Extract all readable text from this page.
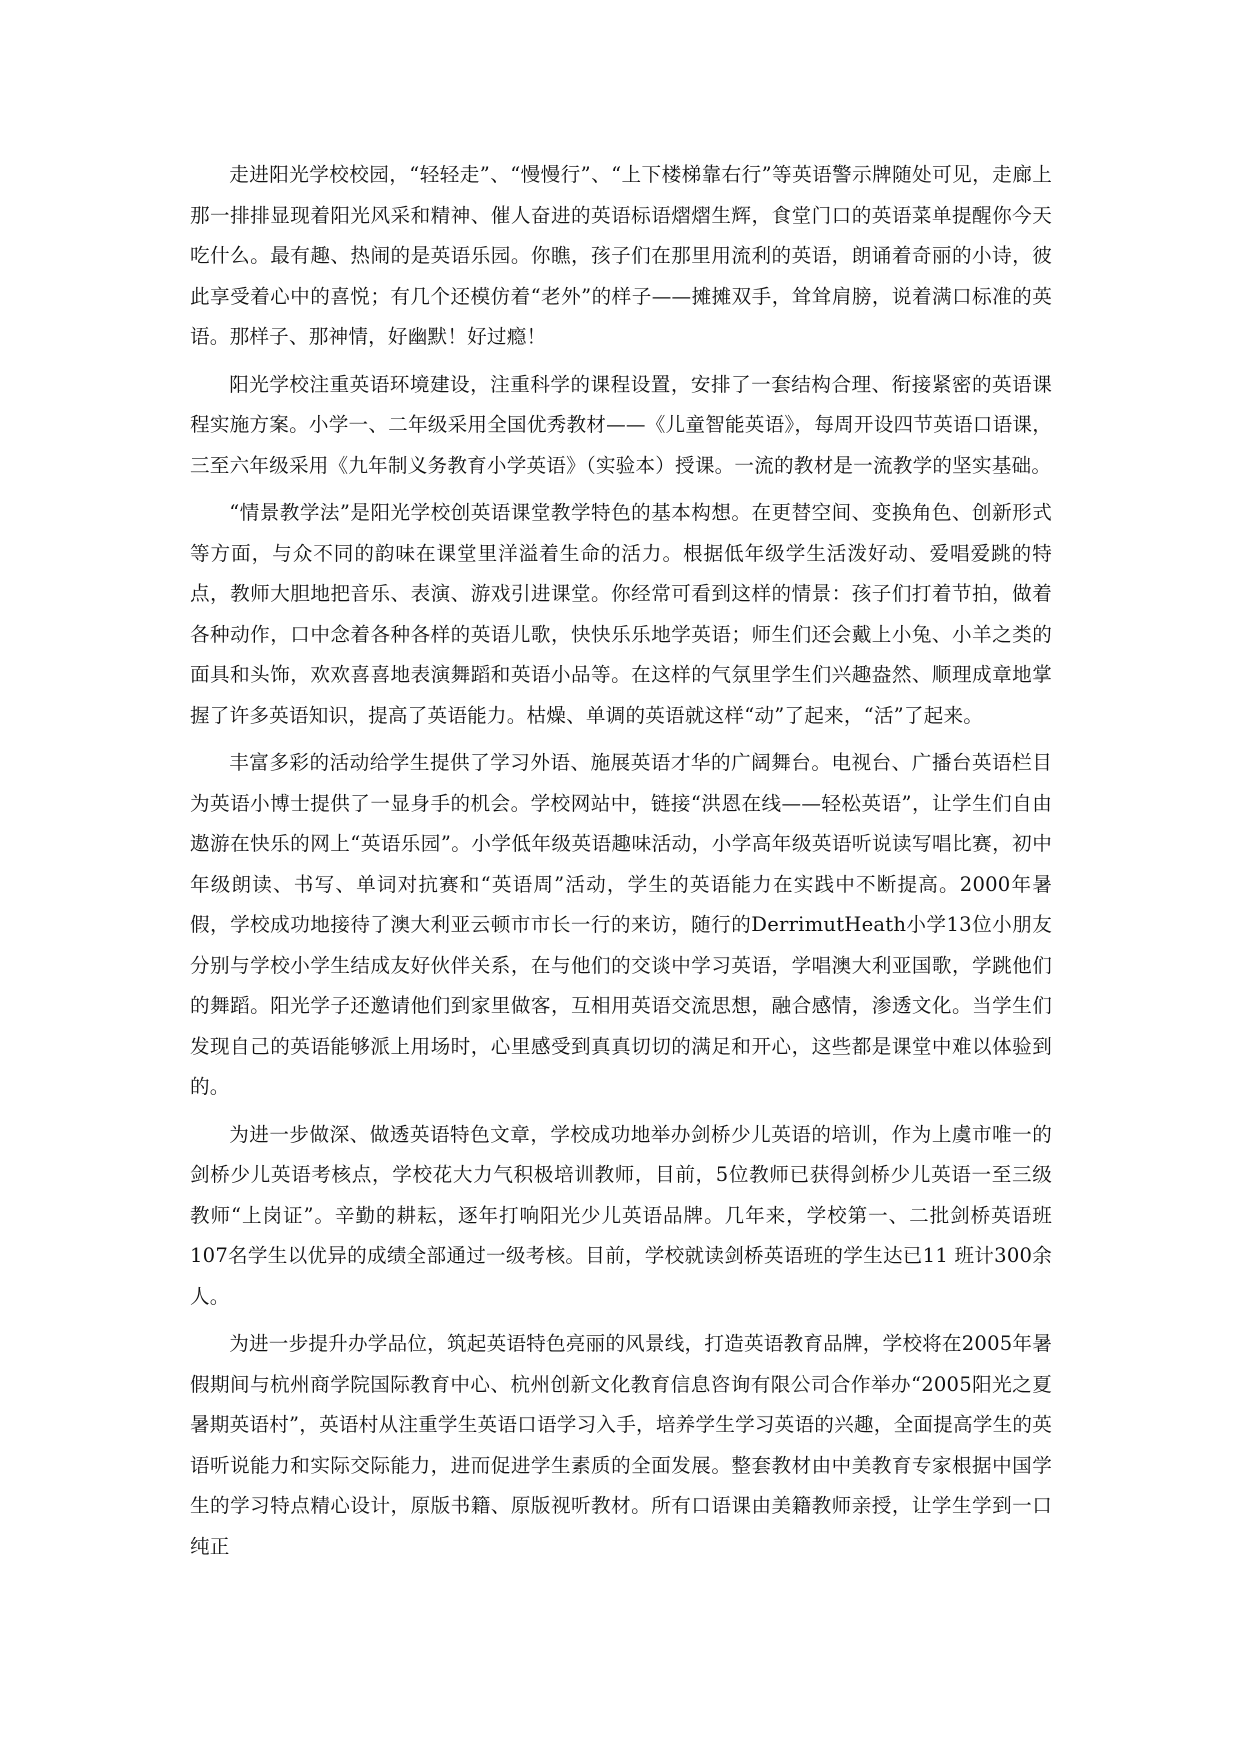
走进阳光学校校园，“轻轻走”、“慢慢行”、“上下楼梯靠右行”等英语警示牌随处可见，走廊上那一排排显现着阳光风采和精神、催人奋进的英语标语熠熠生辉，食堂门口的英语菜单提醒你今天吃什么。最有趣、热闹的是英语乐园。你瞧，孩子们在那里用流利的英语，朗诵着奇丽的小诗，彼此享受着心中的喜悦；有几个还模仿着“老外”的样子——摊摊双手，耸耸肩膀，说着满口标准的英语。那样子、那神情，好幽默！好过瘾！

阳光学校注重英语环境建设，注重科学的课程设置，安排了一套结构合理、衔接紧密的英语课程实施方案。小学一、二年级采用全国优秀教材——《儿童智能英语》，每周开设四节英语口语课，三至六年级采用《九年制义务教育小学英语》（实验本）授课。一流的教材是一流教学的坚实基础。

“情景教学法”是阳光学校创英语课堂教学特色的基本构想。在更替空间、变换角色、创新形式等方面，与众不同的韵味在课堂里洋溢着生命的活力。根据低年级学生活泼好动、爱唱爱跳的特点，教师大胆地把音乐、表演、游戏引进课堂。你经常可看到这样的情景：孩子们打着节拍，做着各种动作，口中念着各种各样的英语儿歌，快快乐乐地学英语；师生们还会戴上小兔、小羊之类的面具和头饰，欢欢喜喜地表演舞蹈和英语小品等。在这样的气氛里学生们兴趣盎然、顺理成章地掌握了许多英语知识，提高了英语能力。枯燥、单调的英语就这样“动”了起来，“活”了起来。

丰富多彩的活动给学生提供了学习外语、施展英语才华的广阔舞台。电视台、广播台英语栏目为英语小博士提供了一显身手的机会。学校网站中，链接“洪恩在线——轻松英语”，让学生们自由遨游在快乐的网上“英语乐园”。小学低年级英语趣味活动，小学高年级英语听说读写唱比赛，初中年级朗读、书写、单词对抗赛和“英语周”活动，学生的英语能力在实践中不断提高。2000年暑假，学校成功地接待了澳大利亚云顿市市长一行的来访，随行的DerrimutHeath小学13位小朋友分别与学校小学生结成友好伙伴关系，在与他们的交谈中学习英语，学唱澳大利亚国歌，学跳他们的舞蹈。阳光学子还邀请他们到家里做客，互相用英语交流思想，融合感情，渗透文化。当学生们发现自己的英语能够派上用场时，心里感受到真真切切的满足和开心，这些都是课堂中难以体验到的。

为进一步做深、做透英语特色文章，学校成功地举办剑桥少儿英语的培训，作为上虞市唯一的剑桥少儿英语考核点，学校花大力气积极培训教师，目前，5位教师已获得剑桥少儿英语一至三级教师“上岗证”。辛勤的耕耘，逐年打响阳光少儿英语品牌。几年来，学校第一、二批剑桥英语班107名学生以优异的成绩全部通过一级考核。目前，学校就读剑桥英语班的学生达已11 班计300余人。

为进一步提升办学品位，筑起英语特色亮丽的风景线，打造英语教育品牌，学校将在2005年暑假期间与杭州商学院国际教育中心、杭州创新文化教育信息咨询有限公司合作举办“2005阳光之夏暑期英语村”，英语村从注重学生英语口语学习入手，培养学生学习英语的兴趣，全面提高学生的英语听说能力和实际交际能力，进而促进学生素质的全面发展。整套教材由中美教育专家根据中国学生的学习特点精心设计，原版书籍、原版视听教材。所有口语课由美籍教师亲授，让学生学到一口纯正
